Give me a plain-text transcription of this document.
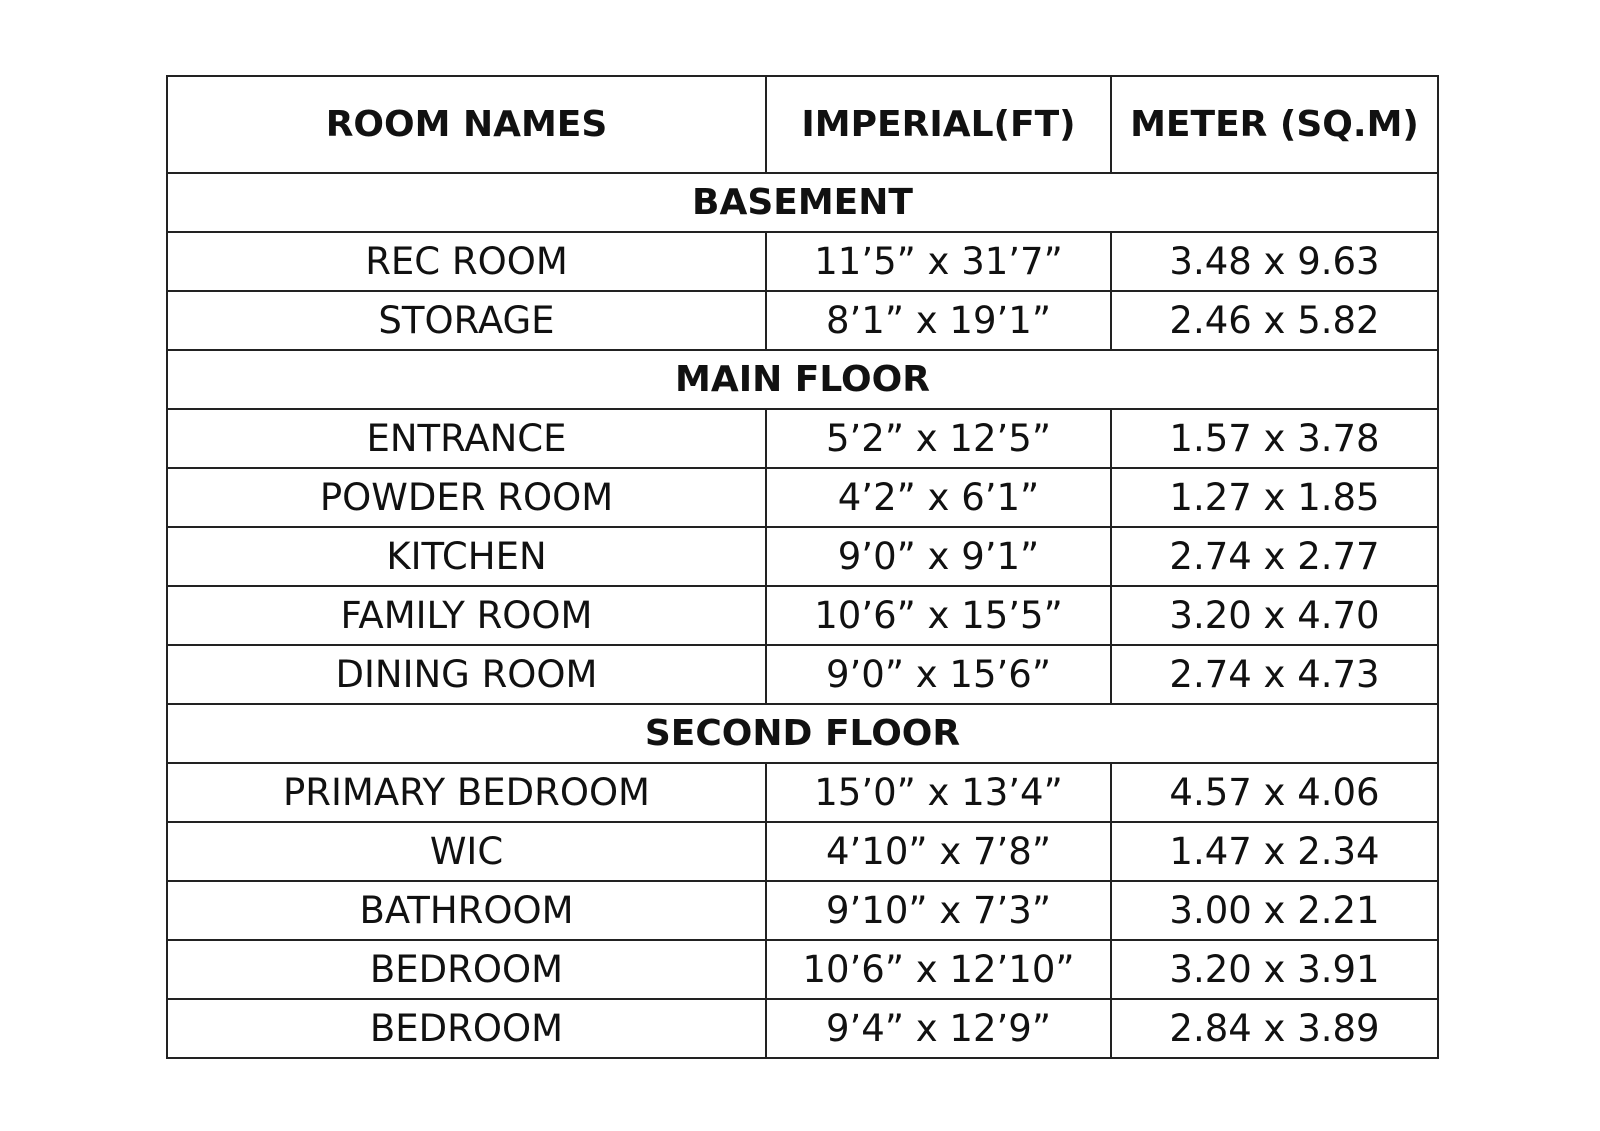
ROOM NAMES	IMPERIAL(FT)	METER (SQ.M)
BASEMENT		
REC ROOM	11’5” x 31’7”	3.48 x 9.63
STORAGE	8’1” x 19’1”	2.46 x 5.82
MAIN FLOOR		
ENTRANCE	5’2” x 12’5”	1.57 x 3.78
POWDER ROOM	4’2” x 6’1”	1.27 x 1.85
KITCHEN	9’0” x 9’1”	2.74 x 2.77
FAMILY ROOM	10’6” x 15’5”	3.20 x 4.70
DINING ROOM	9’0” x 15’6”	2.74 x 4.73
SECOND FLOOR		
PRIMARY BEDROOM	15’0” x 13’4”	4.57 x 4.06
WIC	4’10” x 7’8”	1.47 x 2.34
BATHROOM	9’10” x 7’3”	3.00 x 2.21
BEDROOM	10’6” x 12’10”	3.20 x 3.91
BEDROOM	9’4” x 12’9”	2.84 x 3.89
